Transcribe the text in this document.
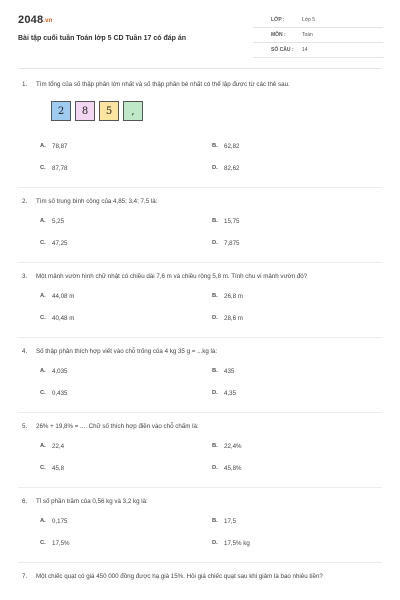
2048.vn
Bài tập cuối tuần Toán lớp 5 CD Tuần 17 có đáp án
LỚP :	Lớp 5
MÔN :	Toán
SỐ CÂU : 14
1. Tìm tổng của số thập phân lớn nhất và số thập phân bé nhất có thể lập được từ các thẻ sau.
2	8	5	,
A. 78,87	B. 62,82
C. 87,78	D. 82,62
2. Tìm số trung bình cộng của 4,85; 3,4; 7,5 là:
A. 5,25	B. 15,75
C. 47,25	D. 7,875
3. Một mảnh vườn hình chữ nhật có chiều dài 7,6 m và chiều rộng 5,8 m. Tính chu vi mảnh vườn đó?
A. 44,08 m	B. 26,8 m
C. 40,48 m	D. 28,6 m
4. Số thập phân thích hợp viết vào chỗ trống của 4 kg 35 g = ...kg là:
A. 4,035	B. 435
C. 0,435	D. 4,35
5. 26% + 19,8% = .... Chữ số thích hợp điền vào chỗ chấm là:
A. 22,4	B. 22,4%
C. 45,8	D. 45,8%
6. Tỉ số phần trăm của 0,56 kg và 3,2 kg là:
A. 0,175	B. 17,5
C. 17,5%	D. 17,5% kg
7. Một chiếc quạt có giá 450 000 đồng được hạ giá 15%. Hỏi giá chiếc quạt sau khi giảm là bao nhiêu tiền?
